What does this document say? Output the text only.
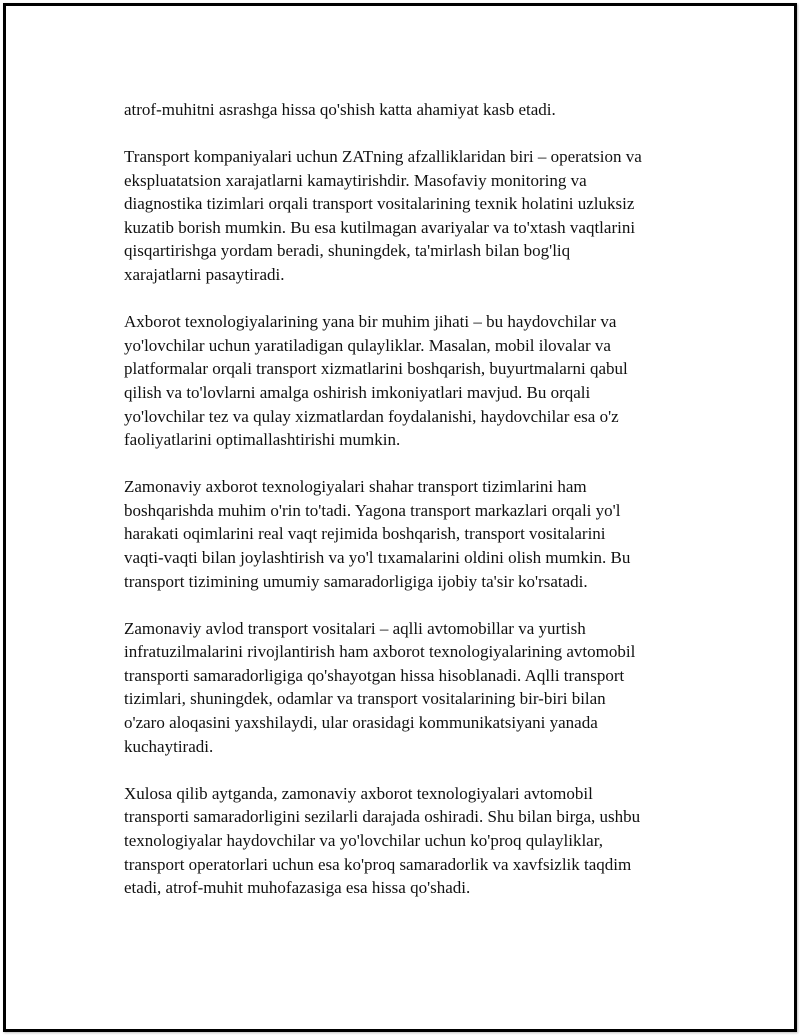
atrof-muhitni asrashga hissa qo'shish katta ahamiyat kasb etadi.

Transport kompaniyalari uchun ZATning afzalliklaridan biri – operatsion va
ekspluatatsion xarajatlarni kamaytirishdir. Masofaviy monitoring va
diagnostika tizimlari orqali transport vositalarining texnik holatini uzluksiz
kuzatib borish mumkin. Bu esa kutilmagan avariyalar va to'xtash vaqtlarini
qisqartirishga yordam beradi, shuningdek, ta'mirlash bilan bog'liq
xarajatlarni pasaytiradi.

Axborot texnologiyalarining yana bir muhim jihati – bu haydovchilar va
yo'lovchilar uchun yaratiladigan qulayliklar. Masalan, mobil ilovalar va
platformalar orqali transport xizmatlarini boshqarish, buyurtmalarni qabul
qilish va to'lovlarni amalga oshirish imkoniyatlari mavjud. Bu orqali
yo'lovchilar tez va qulay xizmatlardan foydalanishi, haydovchilar esa o'z
faoliyatlarini optimallashtirishi mumkin.

Zamonaviy axborot texnologiyalari shahar transport tizimlarini ham
boshqarishda muhim o'rin to'tadi. Yagona transport markazlari orqali yo'l
harakati oqimlarini real vaqt rejimida boshqarish, transport vositalarini
vaqti-vaqti bilan joylashtirish va yo'l tıxamalarini oldini olish mumkin. Bu
transport tizimining umumiy samaradorligiga ijobiy ta'sir ko'rsatadi.

Zamonaviy avlod transport vositalari – aqlli avtomobillar va yurtish
infratuzilmalarini rivojlantirish ham axborot texnologiyalarining avtomobil
transporti samaradorligiga qo'shayotgan hissa hisoblanadi. Aqlli transport
tizimlari, shuningdek, odamlar va transport vositalarining bir-biri bilan
o'zaro aloqasini yaxshilaydi, ular orasidagi kommunikatsiyani yanada
kuchaytiradi.

Xulosa qilib aytganda, zamonaviy axborot texnologiyalari avtomobil
transporti samaradorligini sezilarli darajada oshiradi. Shu bilan birga, ushbu
texnologiyalar haydovchilar va yo'lovchilar uchun ko'proq qulayliklar,
transport operatorlari uchun esa ko'proq samaradorlik va xavfsizlik taqdim
etadi, atrof-muhit muhofazasiga esa hissa qo'shadi.
